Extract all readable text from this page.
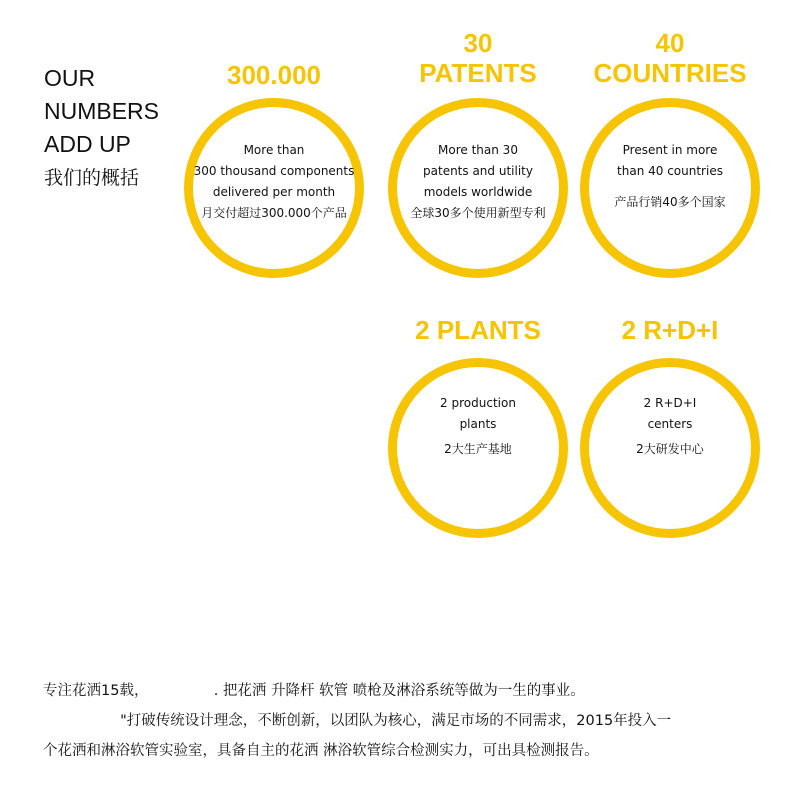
OUR
NUMBERS
ADD UP
我们的概括
300.000
More than
300 thousand components
delivered per month
月交付超过300.000个产品
30
PATENTS
More than 30
patents and utility
models worldwide
全球30多个使用新型专利
40
COUNTRIES
Present in more
than 40 countries
产品行销40多个国家
2 PLANTS
2 production
plants
2大生产基地
2 R+D+I
2 R+D+I
centers
2大研发中心
专注花洒15载，　　　　　. 把花洒 升降杆 软管 喷枪及淋浴系统等做为一生的事业。
　　　　　 "打破传统设计理念，不断创新，以团队为核心，满足市场的不同需求，2015年投入一
个花洒和淋浴软管实验室，具备自主的花洒 淋浴软管综合检测实力，可出具检测报告。
